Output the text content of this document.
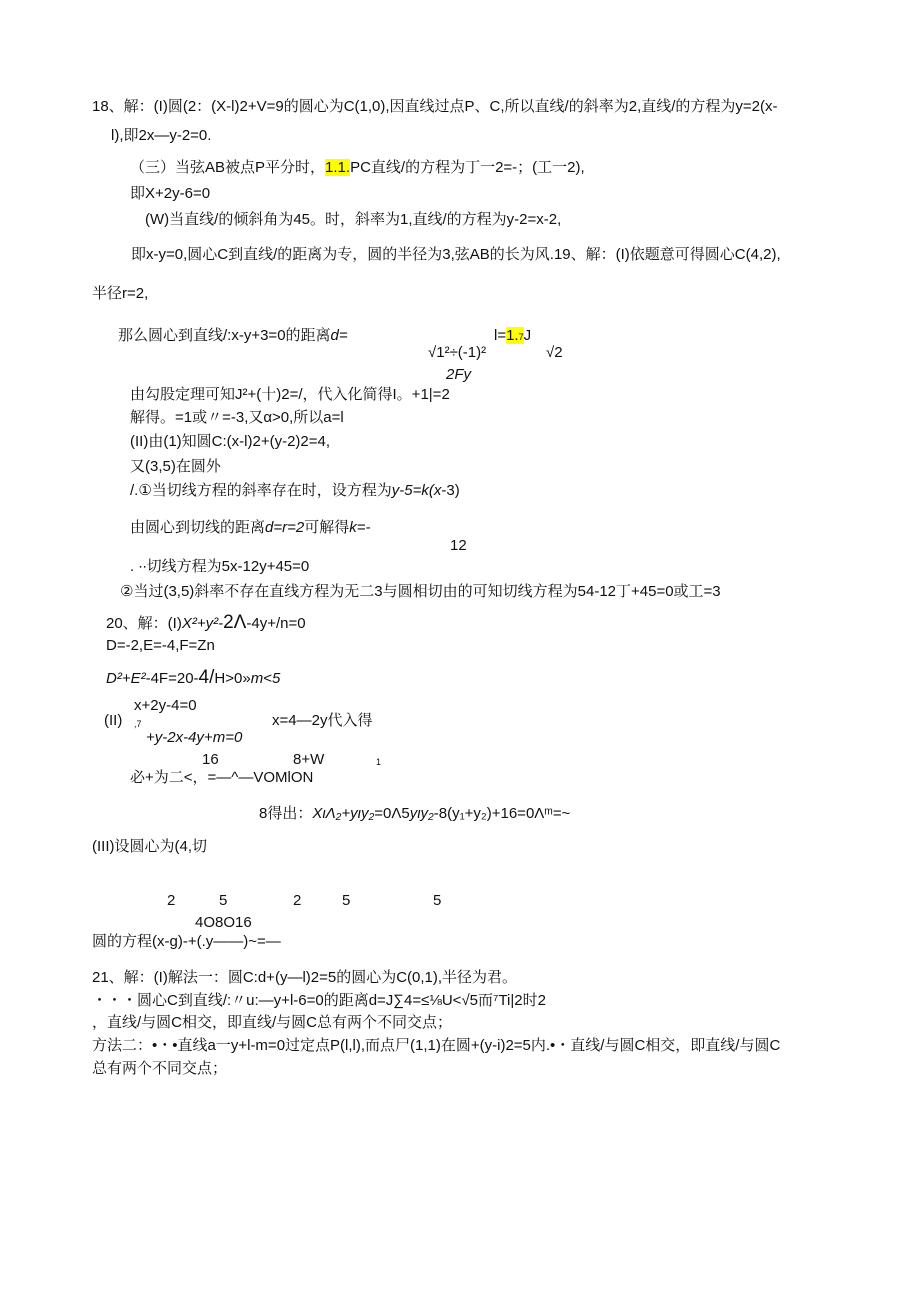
18、解：(I)圆(2：(X-l)2+V=9的圆心为C(1,0),因直线过点P、C,所以直线/的斜率为2,直线/的方程为y=2(x-
l),即2x—y-2=0.
（三）当弦AB被点P平分时，1.1.PC直线/的方程为丁一2=-；(工一2),
即X+2y-6=0
(W)当直线/的倾斜角为45。时，斜率为1,直线/的方程为y-2=x-2,
即x-y=0,圆心C到直线/的距离为专，圆的半径为3,弦AB的长为风.19、解：(I)依题意可得圆心C(4,2),
半径r=2,
那么圆心到直线/:x-y+3=0的距离d=	l=1.7J
√1²÷(-1)²	√2
2Fy
由勾股定理可知J²+(十)2=/，代入化简得I。+1|=2
解得。=1或〃=-3,又α>0,所以a=l
(II)由(1)知圆C:(x-l)2+(y-2)2=4,
又(3,5)在圆外
/.①当切线方程的斜率存在时，设方程为y-5=k(x-3)
由圆心到切线的距离d=r=2可解得k=-
12
. ∙∙切线方程为5x-12y+45=0
②当过(3,5)斜率不存在直线方程为无二3与圆相切由的可知切线方程为54-12丁+45=0或工=3
20、解：(I)X²+y²-2Λ-4y+/n=0
D=-2,E=-4,F=Zn
D²+E²-4F=20-4/H>0»m<5
x+2y-4=0
(II)	x=4—2y代入得
,7
+y-2x-4y+m=0
16	8+W	1
必+为二<，=—^—VOMlON
8得出：XιΛ₂+yιy₂=0Λ5yιy₂-8(y₁+y₂)+16=0Λᵐ=~
(III)设圆心为(4,切
2	5	2	5	5
4O8O16
圆的方程(x-g)-+(.y——)~=—
21、解：(I)解法一：圆C:d+(y—l)2=5的圆心为C(0,1),半径为君。
・・・圆心C到直线/:〃u:—y+l-6=0的距离d=J∑4=≤⅛U<√5而⁷Ti|2时2
，直线/与圆C相交，即直线/与圆C总有两个不同交点；
方法二：•・•直线a一y+l-m=0过定点P(l,l),而点尸(1,1)在圆+(y-i)2=5内.•・直线/与圆C相交，即直线/与圆C
总有两个不同交点；
